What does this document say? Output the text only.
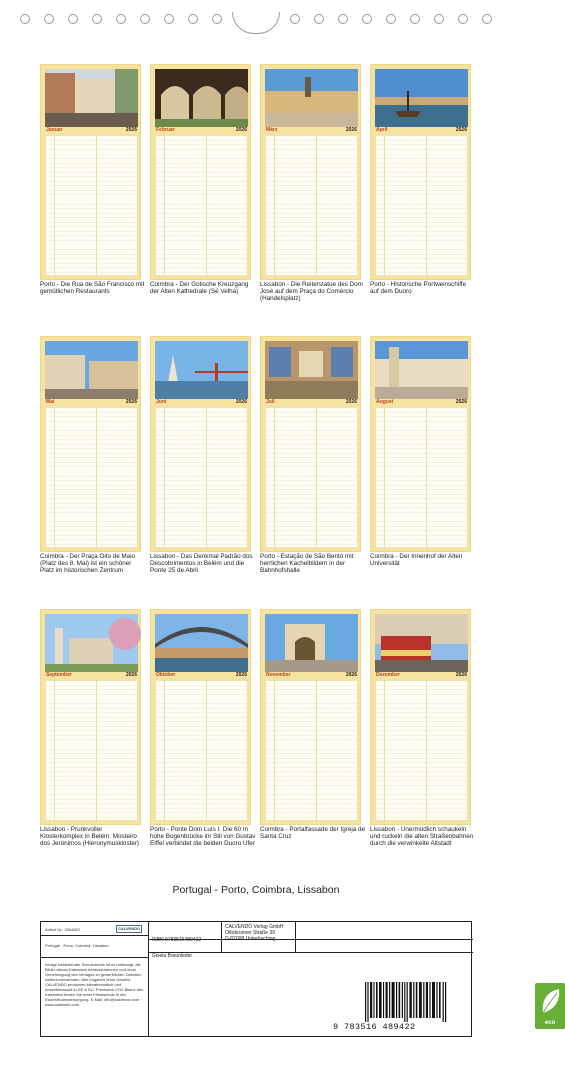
Januar	2026
Porto - Die Rua de São Francisco mit gemütlichen Restaurants
Februar	2026
Coimbra - Der Gotische Kreuzgang der Alten Kathedrale (Sé Velha)
März	2026
Lissabon - Die Reiterstatue des Dom José auf dem Praça do Comércio (Handelsplatz)
April	2026
Porto - Historische Portweinschiffe auf dem Duoro
Mai	2026
Coimbra - Der Praça Oito de Maio (Platz des 8. Mai) ist ein schöner Platz im historischen Zentrum
Juni	2026
Lissabon - Das Denkmal Padrão dos Descobrimentos in Belém und die Ponte 25 de Abril
Juli	2026
Porto - Estação de São Bento mit herrlichen Kachelbildern in der Bahnhofshalle
August	2026
Coimbra - Der Innenhof der Alten Universität
September	2026
Lissabon - Prunkvoller Klosterkomplex in Belém: Mosteiro dos Jerónimos (Hieronymuskloster)
Oktober	2026
Porto - Ponte Dom Luís I. Die 60 m hohe Bogenbrücke im Stil von Gustav Eiffel verbindet die beiden Duoro Ufer
November	2026
Coimbra - Portalfassade der Igreja de Santa Cruz
Dezember	2026
Lissabon - Unermüdlich schaukeln und ruckeln die alten Straßenbahnen durch die verwinkelte Altstadt
Portugal - Porto, Coimbra, Lissabon
Artikel Nr.: 2064822	CALVENDO
Portugal - Porto, Coimbra, Lissabon
Infolge bestehender Schutzrechte ist es untersagt, die Bilder dieses Kalenders herauszutrennen und ohne Genehmigung des Verlages zu gewerblichen Zwecken weiterzuverwenden. Alle Angaben ohne Gewähr. CALVENDO produziert klimafreundlich und umweltbewusst in DE & EU. Prentwerk CO2-Bilanz des Kalenders finden Sie unter Klimaschutz in der Eiszeit/Kalendersorgung. E-Mail: info@calvendo.com · www.calvendo.com
ISBN 9783516489422
Gisela Braunleder
CALVENDO Verlag GmbH
Ottobrunner Straße 39
D-82008 Unterhaching
9 783516 489422	eco
